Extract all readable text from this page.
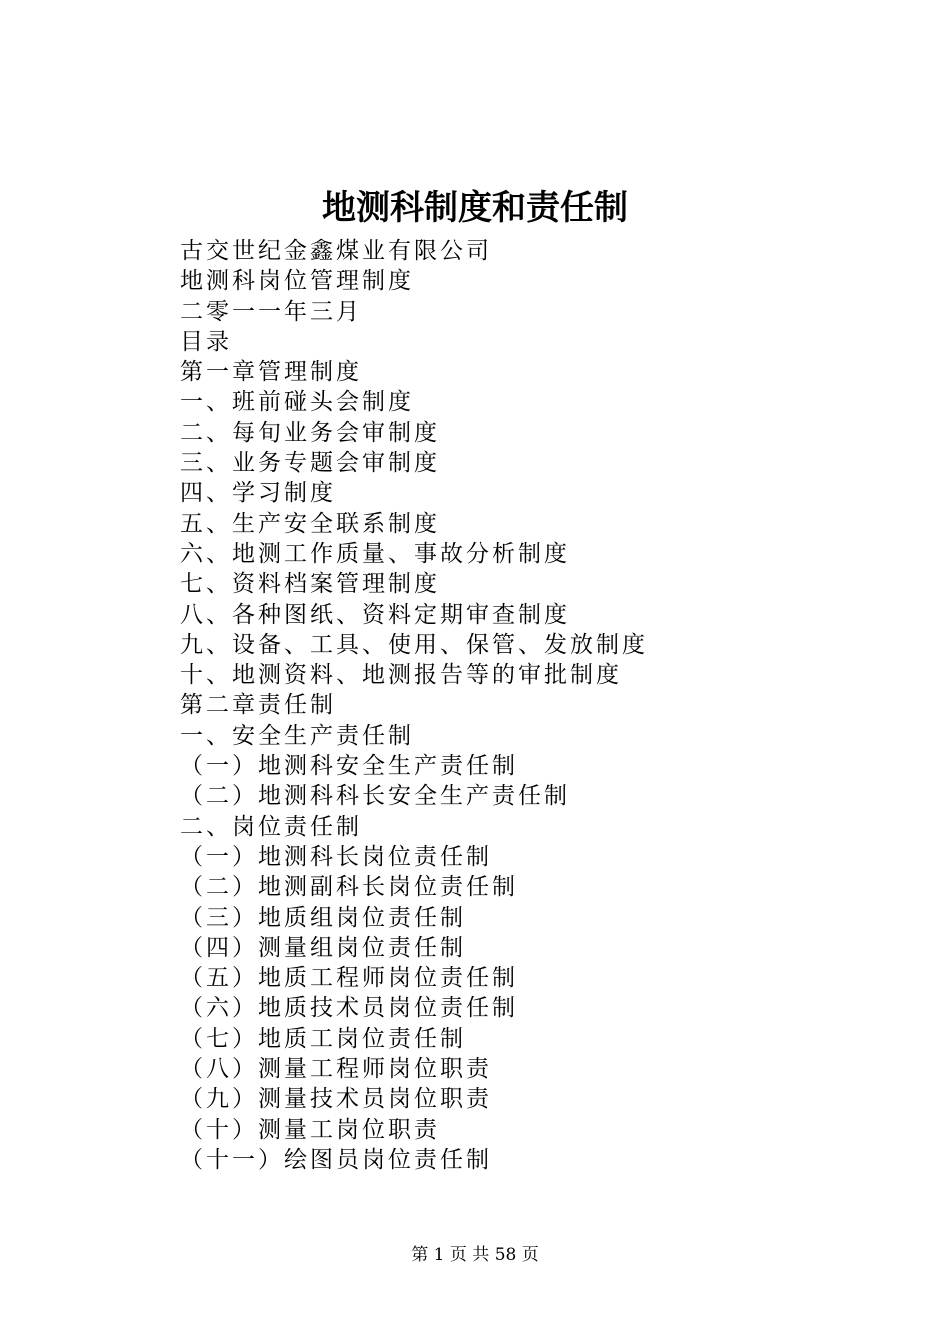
地测科制度和责任制
古交世纪金鑫煤业有限公司
地测科岗位管理制度
二零一一年三月
目录
第一章管理制度
一、班前碰头会制度
二、每旬业务会审制度
三、业务专题会审制度
四、学习制度
五、生产安全联系制度
六、地测工作质量、事故分析制度
七、资料档案管理制度
八、各种图纸、资料定期审查制度
九、设备、工具、使用、保管、发放制度
十、地测资料、地测报告等的审批制度
第二章责任制
一、安全生产责任制
（一）地测科安全生产责任制
（二）地测科科长安全生产责任制
二、岗位责任制
（一）地测科长岗位责任制
（二）地测副科长岗位责任制
（三）地质组岗位责任制
（四）测量组岗位责任制
（五）地质工程师岗位责任制
（六）地质技术员岗位责任制
（七）地质工岗位责任制
（八）测量工程师岗位职责
（九）测量技术员岗位职责
（十）测量工岗位职责
（十一）绘图员岗位责任制
第 1 页 共 58 页
